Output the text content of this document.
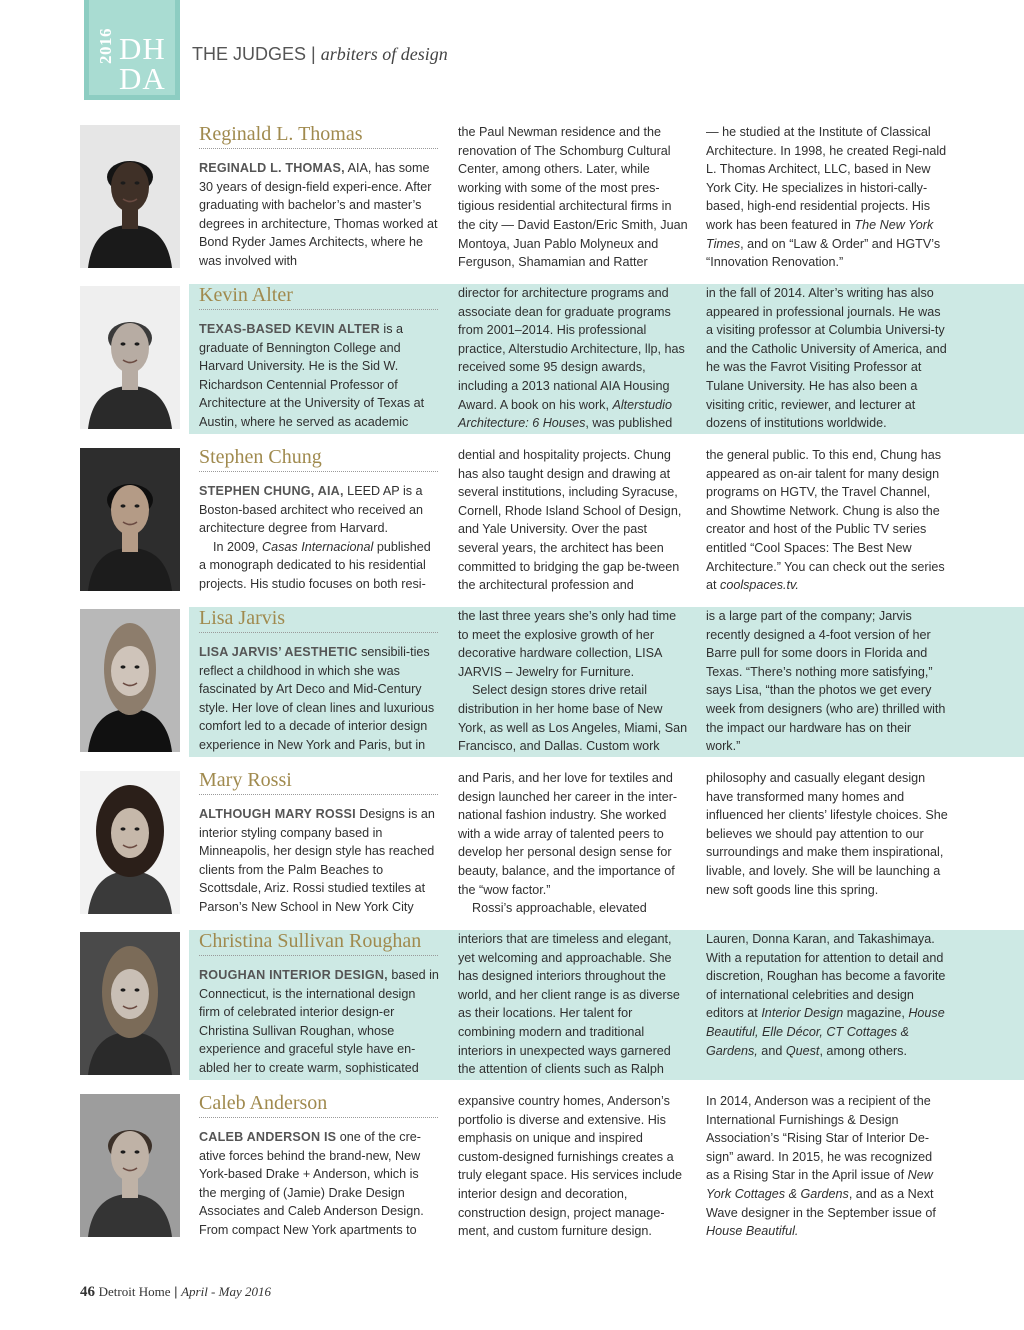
2016 DH
DA
THE JUDGES | arbiters of design
Reginald L. Thomas

REGINALD L. THOMAS, AIA, has some 30 years of design-field experi-ence. After graduating with bachelor’s and master’s degrees in architecture, Thomas worked at Bond Ryder James Architects, where he was involved with

the Paul Newman residence and the renovation of The Schomburg Cultural Center, among others. Later, while working with some of the most pres-tigious residential architectural firms in the city — David Easton/Eric Smith, Juan Montoya, Juan Pablo Molyneux and Ferguson, Shamamian and Ratter

— he studied at the Institute of Classical Architecture. In 1998, he created Regi-nald L. Thomas Architect, LLC, based in New York City. He specializes in histori-cally-based, high-end residential projects. His work has been featured in The New York Times, and on “Law & Order” and HGTV’s “Innovation Renovation.”

Kevin Alter

TEXAS-BASED KEVIN ALTER is a graduate of Bennington College and Harvard University. He is the Sid W. Richardson Centennial Professor of Architecture at the University of Texas at Austin, where he served as academic

director for architecture programs and associate dean for graduate programs from 2001–2014. His professional practice, Alterstudio Architecture, llp, has received some 95 design awards, including a 2013 national AIA Housing Award. A book on his work, Alterstudio Architecture: 6 Houses, was published

in the fall of 2014. Alter’s writing has also appeared in professional journals. He was a visiting professor at Columbia Universi-ty and the Catholic University of America, and he was the Favrot Visiting Professor at Tulane University. He has also been a visiting critic, reviewer, and lecturer at dozens of institutions worldwide.

Stephen Chung

STEPHEN CHUNG, AIA, LEED AP is a Boston-based architect who received an architecture degree from Harvard.

In 2009, Casas Internacional published a monograph dedicated to his residential projects. His studio focuses on both resi-

dential and hospitality projects. Chung has also taught design and drawing at several institutions, including Syracuse, Cornell, Rhode Island School of Design, and Yale University. Over the past several years, the architect has been committed to bridging the gap be-tween the architectural profession and

the general public. To this end, Chung has appeared as on-air talent for many design programs on HGTV, the Travel Channel, and Showtime Network. Chung is also the creator and host of the Public TV series entitled “Cool Spaces: The Best New Architecture.” You can check out the series at coolspaces.tv.

Lisa Jarvis

LISA JARVIS’ AESTHETIC sensibili-ties reflect a childhood in which she was fascinated by Art Deco and Mid-Century style. Her love of clean lines and luxurious comfort led to a decade of interior design experience in New York and Paris, but in

the last three years she’s only had time to meet the explosive growth of her decorative hardware collection, LISA JARVIS – Jewelry for Furniture.

Select design stores drive retail distribution in her home base of New York, as well as Los Angeles, Miami, San Francisco, and Dallas. Custom work

is a large part of the company; Jarvis recently designed a 4-foot version of her Barre pull for some doors in Florida and Texas. “There’s nothing more satisfying,” says Lisa, “than the photos we get every week from designers (who are) thrilled with the impact our hardware has on their work.”

Mary Rossi

ALTHOUGH MARY ROSSI Designs is an interior styling company based in Minneapolis, her design style has reached clients from the Palm Beaches to Scottsdale, Ariz. Rossi studied textiles at Parson’s New School in New York City

and Paris, and her love for textiles and design launched her career in the inter-national fashion industry. She worked with a wide array of talented peers to develop her personal design sense for beauty, balance, and the importance of the “wow factor.”

Rossi’s approachable, elevated

philosophy and casually elegant design have transformed many homes and influenced her clients’ lifestyle choices. She believes we should pay attention to our surroundings and make them inspirational, livable, and lovely. She will be launching a new soft goods line this spring.

Christina Sullivan Roughan

ROUGHAN INTERIOR DESIGN, based in Connecticut, is the international design firm of celebrated interior design-er Christina Sullivan Roughan, whose experience and graceful style have en-abled her to create warm, sophisticated

interiors that are timeless and elegant, yet welcoming and approachable. She has designed interiors throughout the world, and her client range is as diverse as their locations. Her talent for combining modern and traditional interiors in unexpected ways garnered the attention of clients such as Ralph

Lauren, Donna Karan, and Takashimaya. With a reputation for attention to detail and discretion, Roughan has become a favorite of international celebrities and design editors at Interior Design magazine, House Beautiful, Elle Décor, CT Cottages & Gardens, and Quest, among others.

Caleb Anderson

CALEB ANDERSON IS one of the cre-ative forces behind the brand-new, New York-based Drake + Anderson, which is the merging of (Jamie) Drake Design Associates and Caleb Anderson Design. From compact New York apartments to

expansive country homes, Anderson’s portfolio is diverse and extensive. His emphasis on unique and inspired custom-designed furnishings creates a truly elegant space. His services include interior design and decoration, construction design, project manage-ment, and custom furniture design.

In 2014, Anderson was a recipient of the International Furnishings & Design Association’s “Rising Star of Interior De-sign” award. In 2015, he was recognized as a Rising Star in the April issue of New York Cottages & Gardens, and as a Next Wave designer in the September issue of House Beautiful.

46 Detroit Home | April - May 2016
